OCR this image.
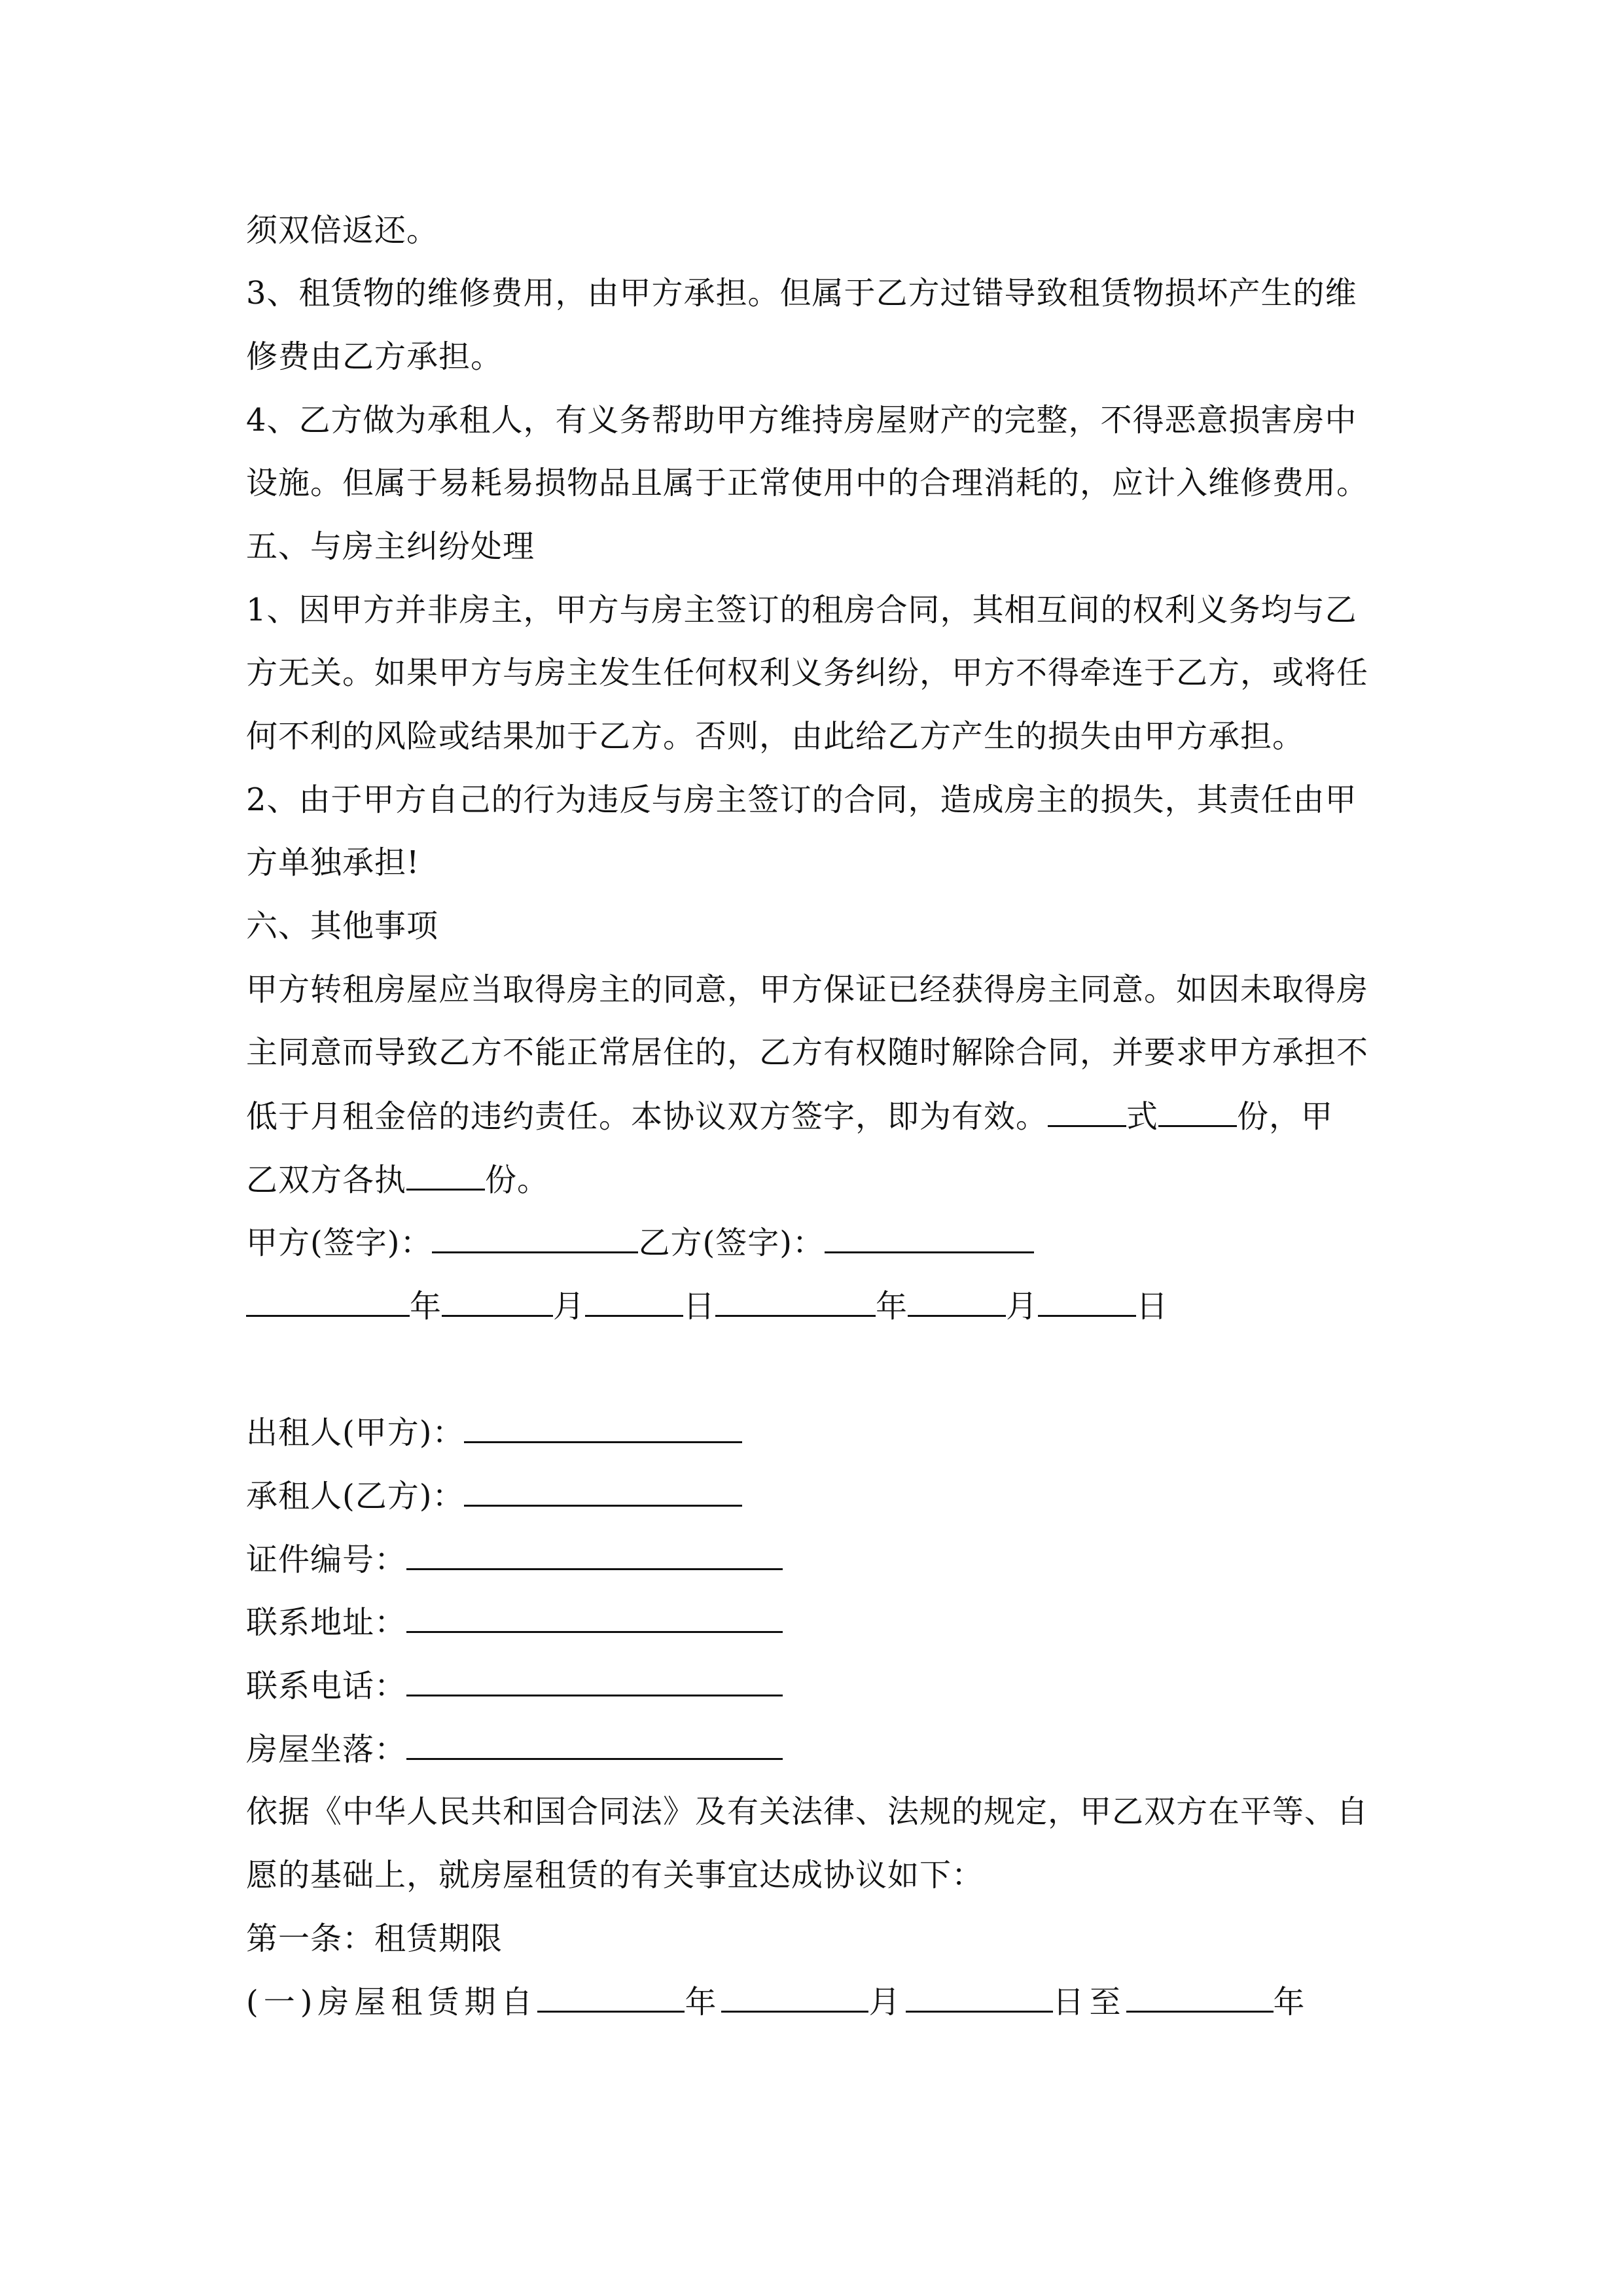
须双倍返还。
3、租赁物的维修费用，由甲方承担。但属于乙方过错导致租赁物损坏产生的维
修费由乙方承担。
4、乙方做为承租人，有义务帮助甲方维持房屋财产的完整，不得恶意损害房中
设施。但属于易耗易损物品且属于正常使用中的合理消耗的，应计入维修费用。
五、与房主纠纷处理
1、因甲方并非房主，甲方与房主签订的租房合同，其相互间的权利义务均与乙
方无关。如果甲方与房主发生任何权利义务纠纷，甲方不得牵连于乙方，或将任
何不利的风险或结果加于乙方。否则，由此给乙方产生的损失由甲方承担。
2、由于甲方自己的行为违反与房主签订的合同，造成房主的损失，其责任由甲
方单独承担!
六、其他事项
甲方转租房屋应当取得房主的同意，甲方保证已经获得房主同意。如因未取得房
主同意而导致乙方不能正常居住的，乙方有权随时解除合同，并要求甲方承担不
低于月租金倍的违约责任。本协议双方签字，即为有效。	式	份，甲
乙双方各执	份。
甲方(签字)：	乙方(签字)：
年	月	日	年	月	日
出租人(甲方)：
承租人(乙方)：
证件编号：
联系地址：
联系电话：
房屋坐落：
依据《中华人民共和国合同法》及有关法律、法规的规定，甲乙双方在平等、自
愿的基础上，就房屋租赁的有关事宜达成协议如下：
第一条：租赁期限
(一)房屋租赁期自	年	月	日至	年
